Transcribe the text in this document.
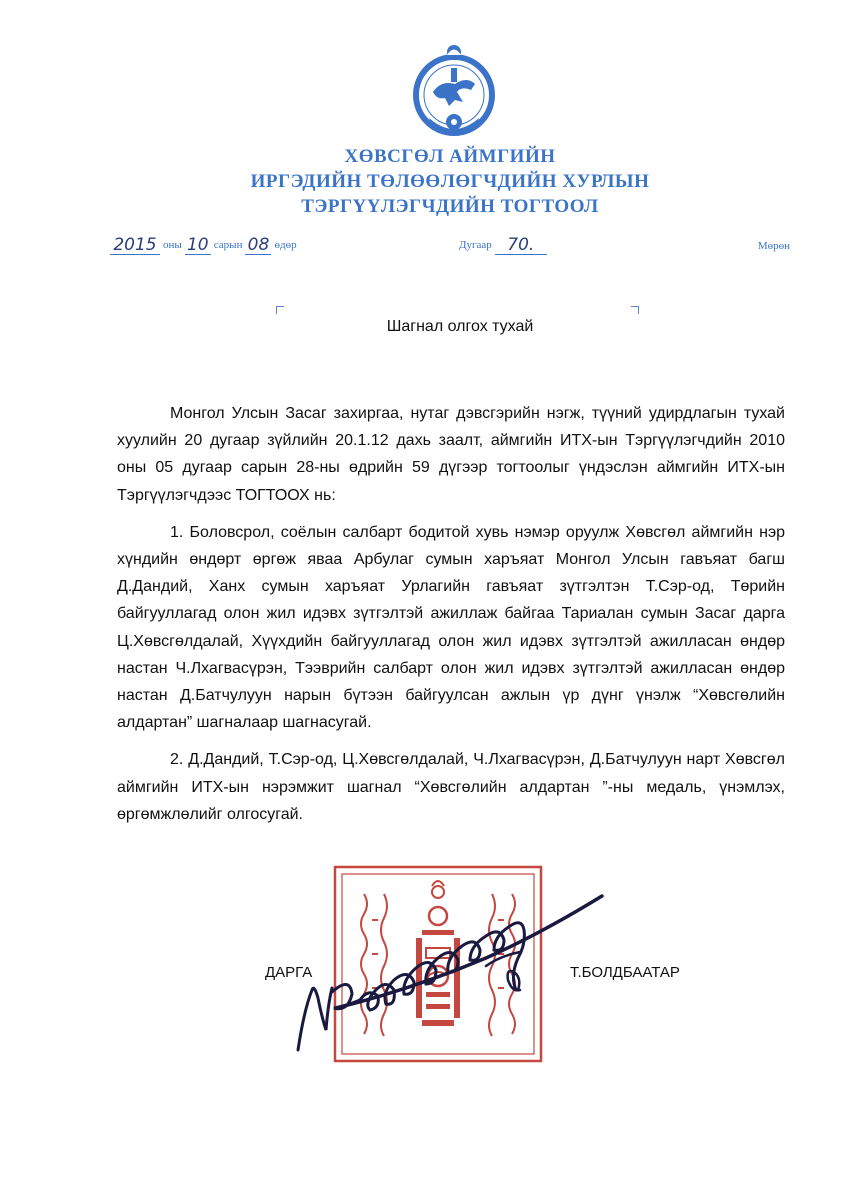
ХӨВСГӨЛ АЙМГИЙН
ИРГЭДИЙН ТӨЛӨӨЛӨГЧДИЙН ХУРЛЫН
ТЭРГҮҮЛЭГЧДИЙН ТОГТООЛ
2015 оны 10 сарын 08 өдөр	Дугаар 70.	Мөрөн
Шагнал олгох тухай

Монгол Улсын Засаг захиргаа, нутаг дэвсгэрийн нэгж, түүний удирдлагын тухай хуулийн 20 дугаар зүйлийн 20.1.12 дахь заалт, аймгийн ИТХ-ын Тэргүүлэгчдийн 2010 оны 05 дугаар сарын 28-ны өдрийн 59 дүгээр тогтоолыг үндэслэн аймгийн ИТХ-ын Тэргүүлэгчдээс ТОГТООХ нь:

1. Боловсрол, соёлын салбарт бодитой хувь нэмэр оруулж Хөвсгөл аймгийн нэр хүндийн өндөрт өргөж яваа Арбулаг сумын харъяат Монгол Улсын гавъяат багш Д.Дандий, Ханх сумын харъяат Урлагийн гавъяат зүтгэлтэн Т.Сэр-од, Төрийн байгууллагад олон жил идэвх зүтгэлтэй ажиллаж байгаа Тариалан сумын Засаг дарга Ц.Хөвсгөлдалай, Хүүхдийн байгууллагад олон жил идэвх зүтгэлтэй ажилласан өндөр настан Ч.Лхагвасүрэн, Тээврийн салбарт олон жил идэвх зүтгэлтэй ажилласан өндөр настан Д.Батчулуун нарын бүтээн байгуулсан ажлын үр дүнг үнэлж “Хөвсгөлийн алдартан” шагналаар шагнасугай.

2. Д.Дандий, Т.Сэр-од, Ц.Хөвсгөлдалай, Ч.Лхагвасүрэн, Д.Батчулуун нарт Хөвсгөл аймгийн ИТХ-ын нэрэмжит шагнал “Хөвсгөлийн алдартан ”-ны медаль, үнэмлэх, өргөмжлөлийг олгосугай.

ДАРГА	Т.БОЛДБААТАР
